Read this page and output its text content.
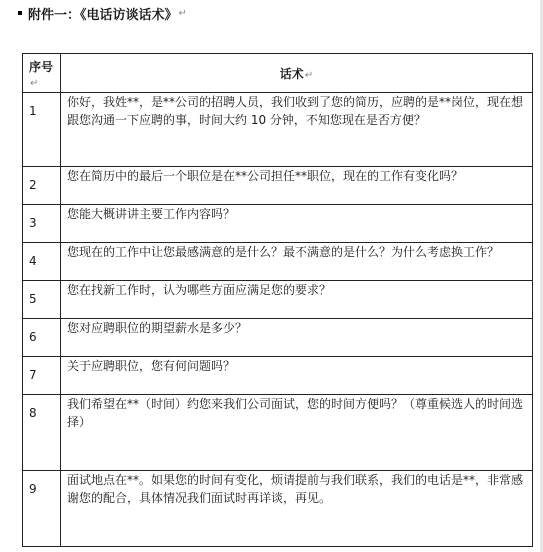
附件一：《电话访谈话术》 ↵
序号↵	话术↵

1	你好，我姓**，是**公司的招聘人员，我们收到了您的简历，应聘的是**岗位，现在想跟您沟通一下应聘的事，时间大约 10 分钟，不知您现在是否方便？

2	您在简历中的最后一个职位是在**公司担任**职位，现在的工作有变化吗？

3	您能大概讲讲主要工作内容吗？

4	您现在的工作中让您最感满意的是什么？最不满意的是什么？为什么考虑换工作？

5	您在找新工作时，认为哪些方面应满足您的要求？

6	您对应聘职位的期望薪水是多少？

7	关于应聘职位，您有何问题吗？

8	我们希望在**（时间）约您来我们公司面试，您的时间方便吗？（尊重候选人的时间选择）

9	面试地点在**。如果您的时间有变化，烦请提前与我们联系，我们的电话是**，非常感谢您的配合，具体情况我们面试时再详谈，再见。
